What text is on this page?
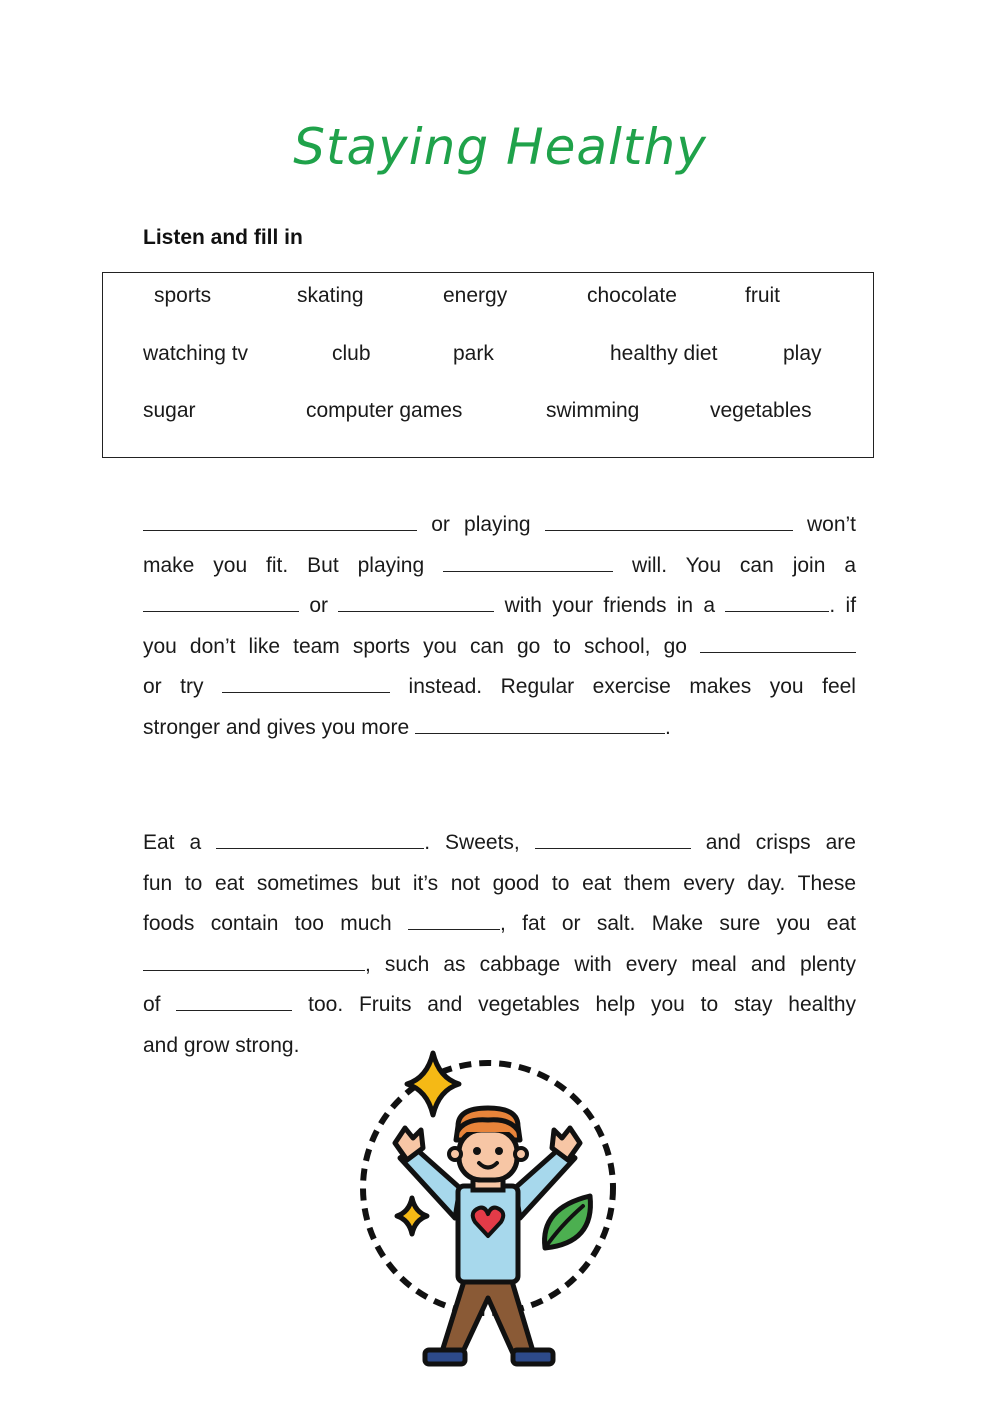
Staying Healthy
Listen and fill in
sports	skating	energy	chocolate	fruit
watching tv	club	park	healthy diet	play
sugar	computer games	swimming	vegetables
or playing	won’t
make you fit. But playing	will. You can join a
or	with your friends in a	. if
you don’t like team sports you can go to school, go
or try	instead. Regular exercise makes you feel
stronger and gives you more	.
Eat a	. Sweets,	and crisps are
fun to eat sometimes but it’s not good to eat them every day. These
foods contain too much	, fat or salt. Make sure you eat
, such as cabbage with every meal and plenty
of	too. Fruits and vegetables help you to stay healthy
and grow strong.
